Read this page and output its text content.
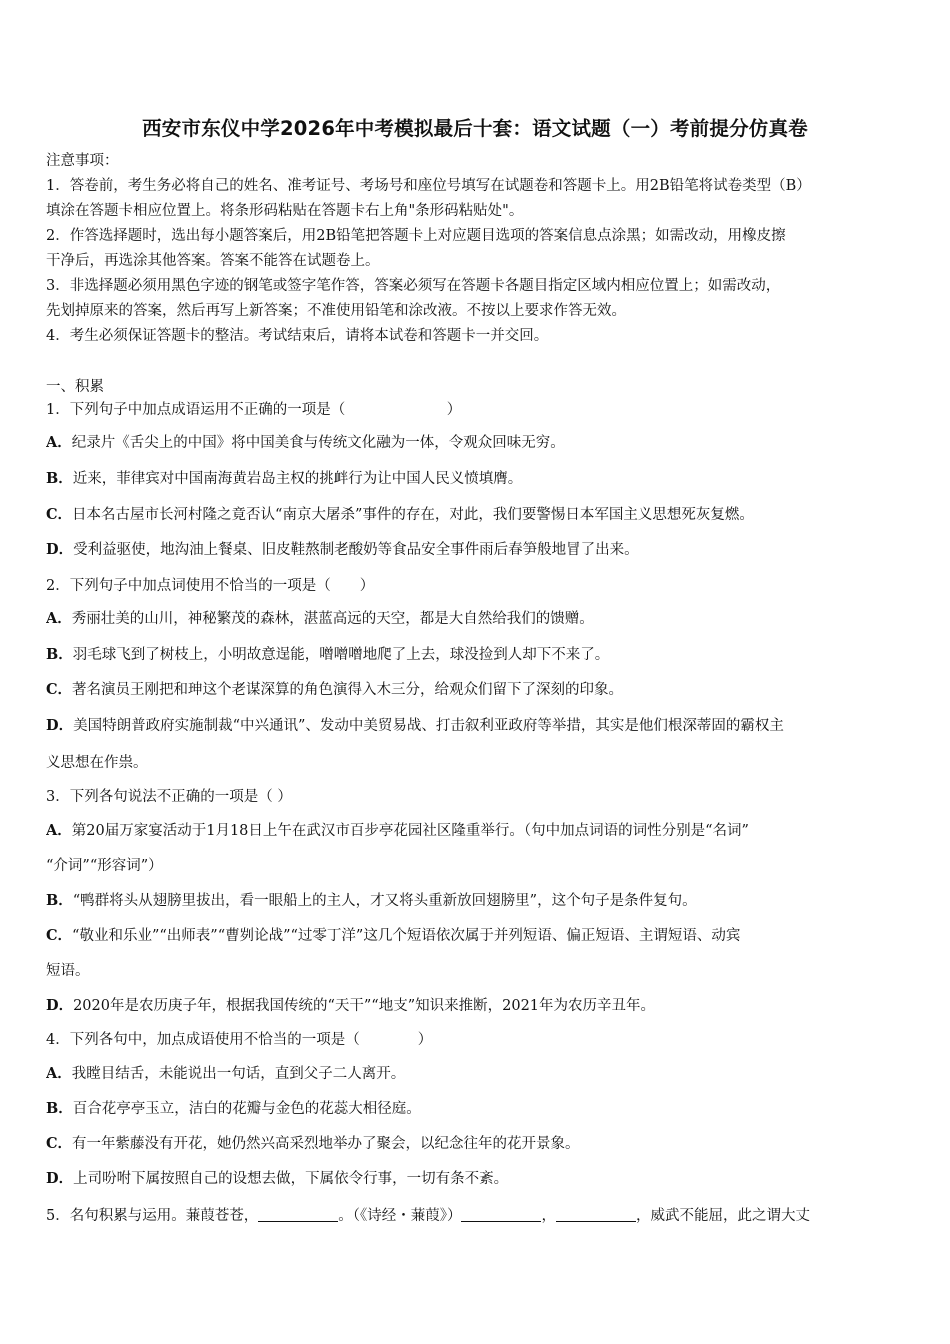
西安市东仪中学2026年中考模拟最后十套：语文试题（一）考前提分仿真卷
注意事项：
1．答卷前，考生务必将自己的姓名、准考证号、考场号和座位号填写在试题卷和答题卡上。用2B铅笔将试卷类型（B）
填涂在答题卡相应位置上。将条形码粘贴在答题卡右上角"条形码粘贴处"。
2．作答选择题时，选出每小题答案后，用2B铅笔把答题卡上对应题目选项的答案信息点涂黑；如需改动，用橡皮擦
干净后，再选涂其他答案。答案不能答在试题卷上。
3．非选择题必须用黑色字迹的钢笔或签字笔作答，答案必须写在答题卡各题目指定区域内相应位置上；如需改动，
先划掉原来的答案，然后再写上新答案；不准使用铅笔和涂改液。不按以上要求作答无效。
4．考生必须保证答题卡的整洁。考试结束后，请将本试卷和答题卡一并交回。
一、积累
1．下列句子中加点成语运用不正确的一项是（　　　　　　　）
A．纪录片《舌尖上的中国》将中国美食与传统文化融为一体，令观众回味无穷。
B．近来，菲律宾对中国南海黄岩岛主权的挑衅行为让中国人民义愤填膺。
C．日本名古屋市长河村隆之竟否认“南京大屠杀”事件的存在，对此，我们要警惕日本军国主义思想死灰复燃。
D．受利益驱使，地沟油上餐桌、旧皮鞋熬制老酸奶等食品安全事件雨后春笋般地冒了出来。
2．下列句子中加点词使用不恰当的一项是（　　）
A．秀丽壮美的山川，神秘繁茂的森林，湛蓝高远的天空，都是大自然给我们的馈赠。
B．羽毛球飞到了树枝上，小明故意逞能，噌噌噌地爬了上去，球没捡到人却下不来了。
C．著名演员王刚把和珅这个老谋深算的角色演得入木三分，给观众们留下了深刻的印象。
D．美国特朗普政府实施制裁“中兴通讯”、发动中美贸易战、打击叙利亚政府等举措，其实是他们根深蒂固的霸权主
义思想在作祟。
3．下列各句说法不正确的一项是（ ）
A．第20届万家宴活动于1月18日上午在武汉市百步亭花园社区隆重举行。（句中加点词语的词性分别是“名词”
“介词”“形容词”）
B．“鸭群将头从翅膀里拔出，看一眼船上的主人，才又将头重新放回翅膀里”，这个句子是条件复句。
C．“敬业和乐业”“出师表”“曹刿论战”“过零丁洋”这几个短语依次属于并列短语、偏正短语、主谓短语、动宾
短语。
D．2020年是农历庚子年，根据我国传统的“天干”“地支”知识来推断，2021年为农历辛丑年。
4．下列各句中，加点成语使用不恰当的一项是（　　　　）
A．我瞠目结舌，未能说出一句话，直到父子二人离开。
B．百合花亭亭玉立，洁白的花瓣与金色的花蕊大相径庭。
C．有一年紫藤没有开花，她仍然兴高采烈地举办了聚会，以纪念往年的花开景象。
D．上司吩咐下属按照自己的设想去做，下属依令行事，一切有条不紊。
5．名句积累与运用。蒹葭苍苍，	。（《诗经・蒹葭》）	，	，威武不能屈，此之谓大丈
